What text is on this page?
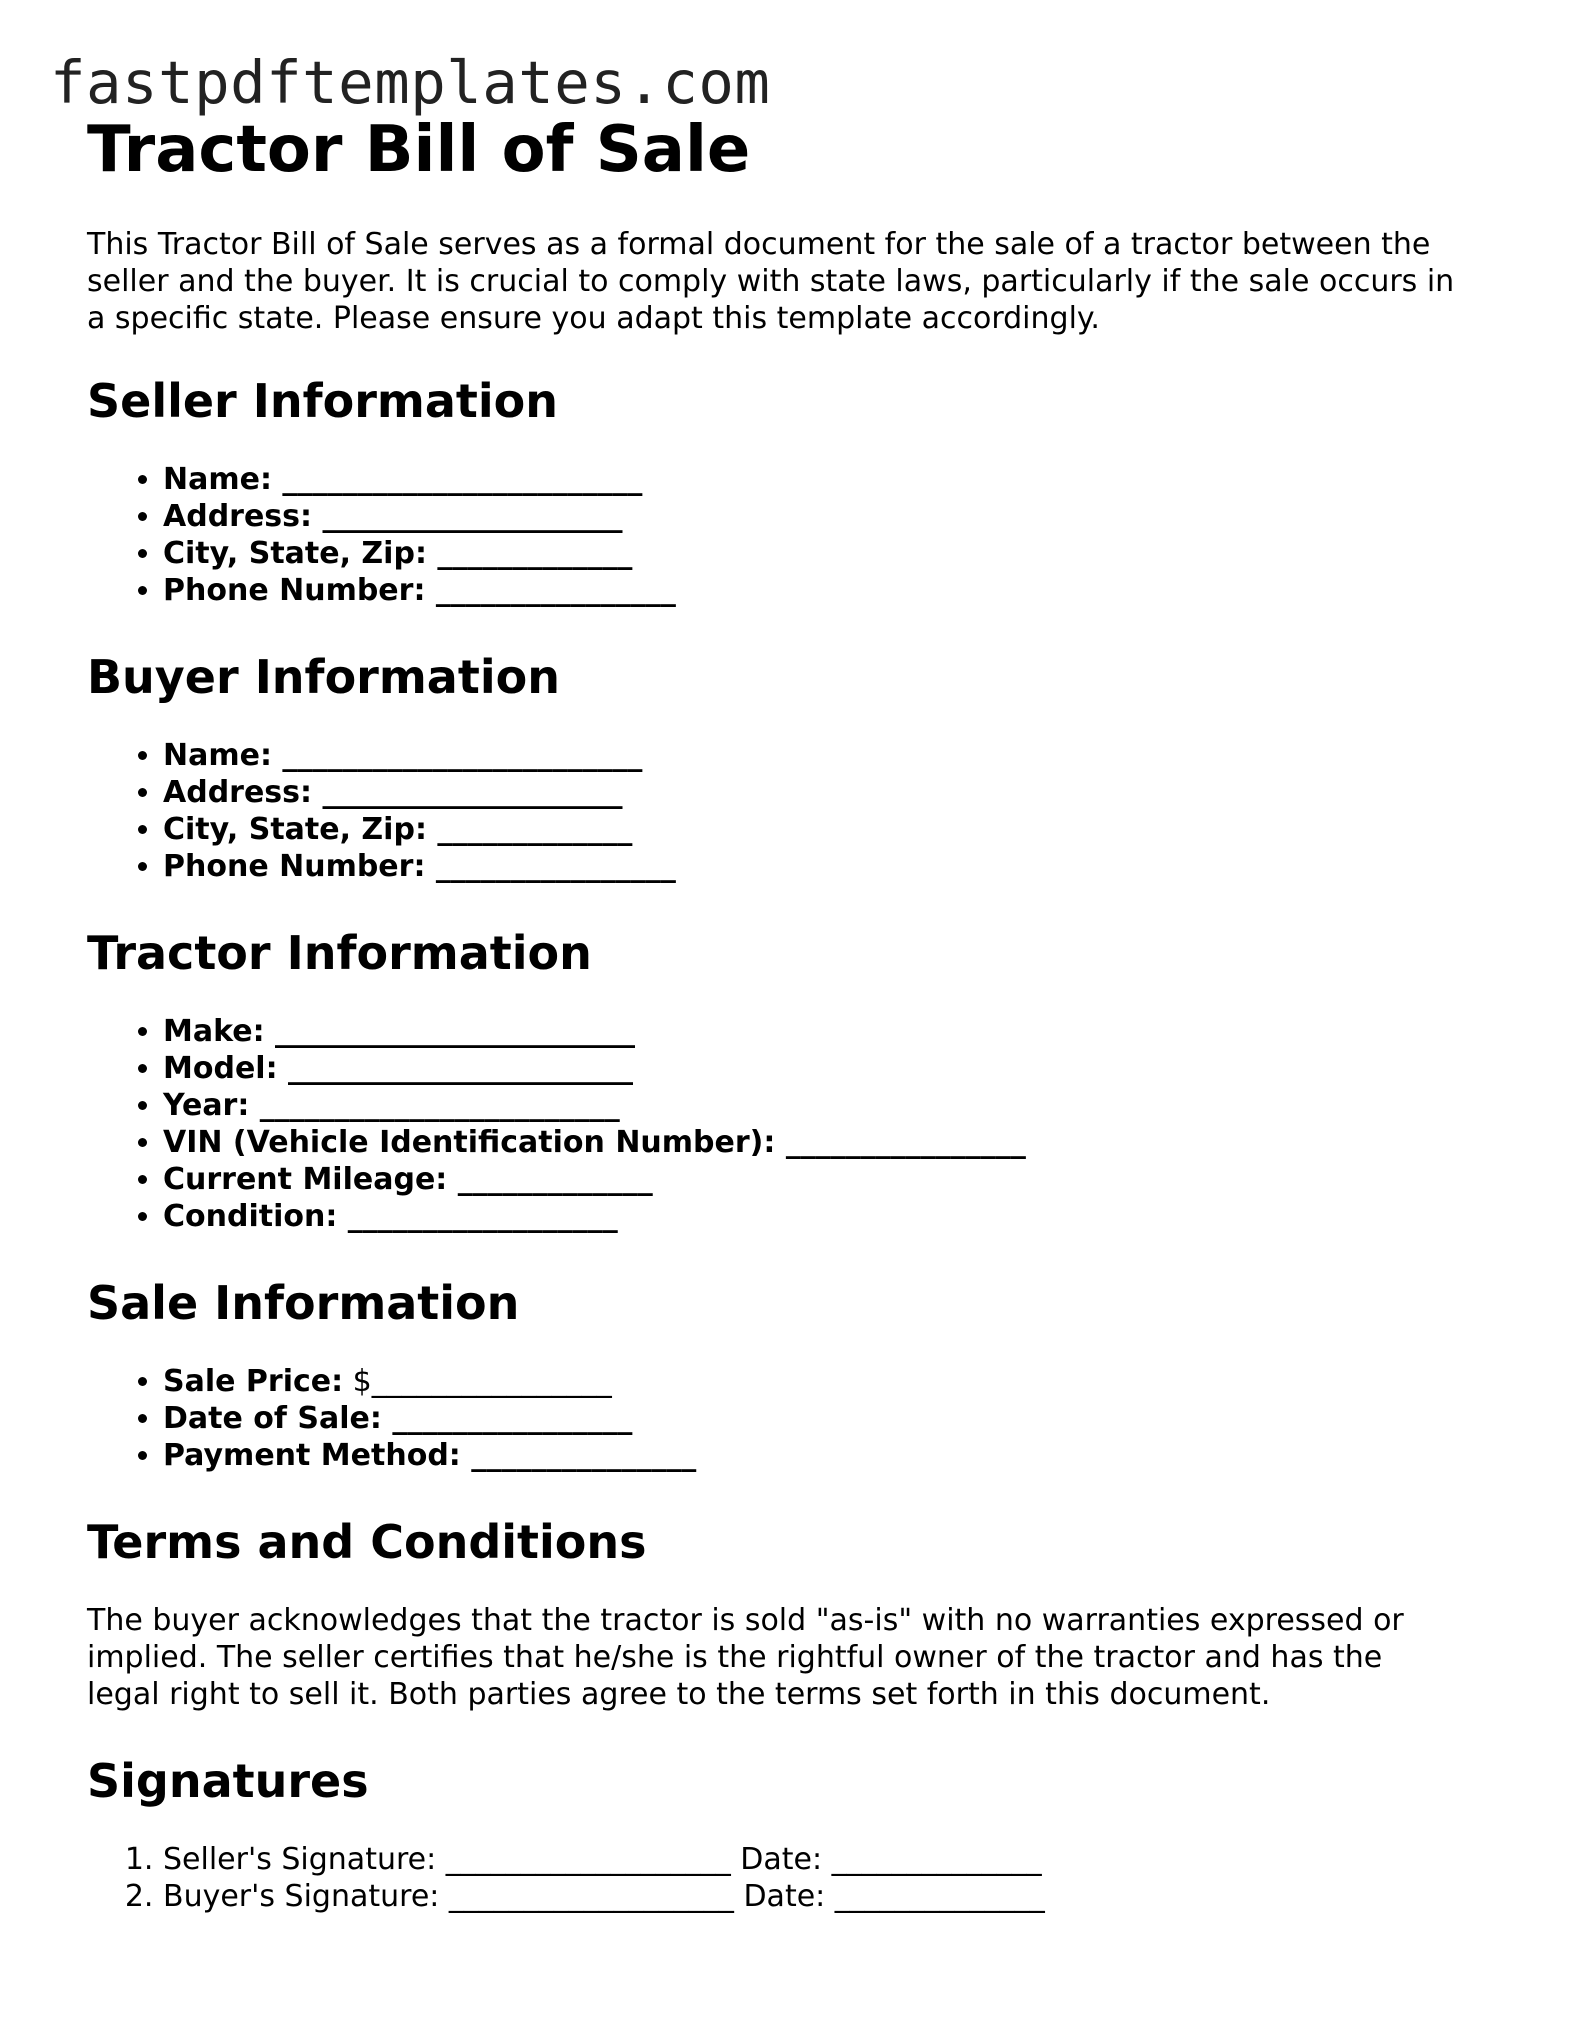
fastpdftemplates.com
Tractor Bill of Sale

This Tractor Bill of Sale serves as a formal document for the sale of a tractor between the
seller and the buyer. It is crucial to comply with state laws, particularly if the sale occurs in
a specific state. Please ensure you adapt this template accordingly.

Seller Information
• Name: ________________________
• Address: ____________________
• City, State, Zip: _____________
• Phone Number: ________________
Buyer Information
• Name: ________________________
• Address: ____________________
• City, State, Zip: _____________
• Phone Number: ________________
Tractor Information
• Make: ________________________
• Model: _______________________
• Year: ________________________
• VIN (Vehicle Identification Number): ________________
• Current Mileage: _____________
• Condition: __________________
Sale Information
• Sale Price: $________________
• Date of Sale: ________________
• Payment Method: _______________
Terms and Conditions

The buyer acknowledges that the tractor is sold "as-is" with no warranties expressed or
implied. The seller certifies that he/she is the rightful owner of the tractor and has the
legal right to sell it. Both parties agree to the terms set forth in this document.

Signatures
1. Seller's Signature: ___________________ Date: ______________
2. Buyer's Signature: ___________________ Date: ______________
